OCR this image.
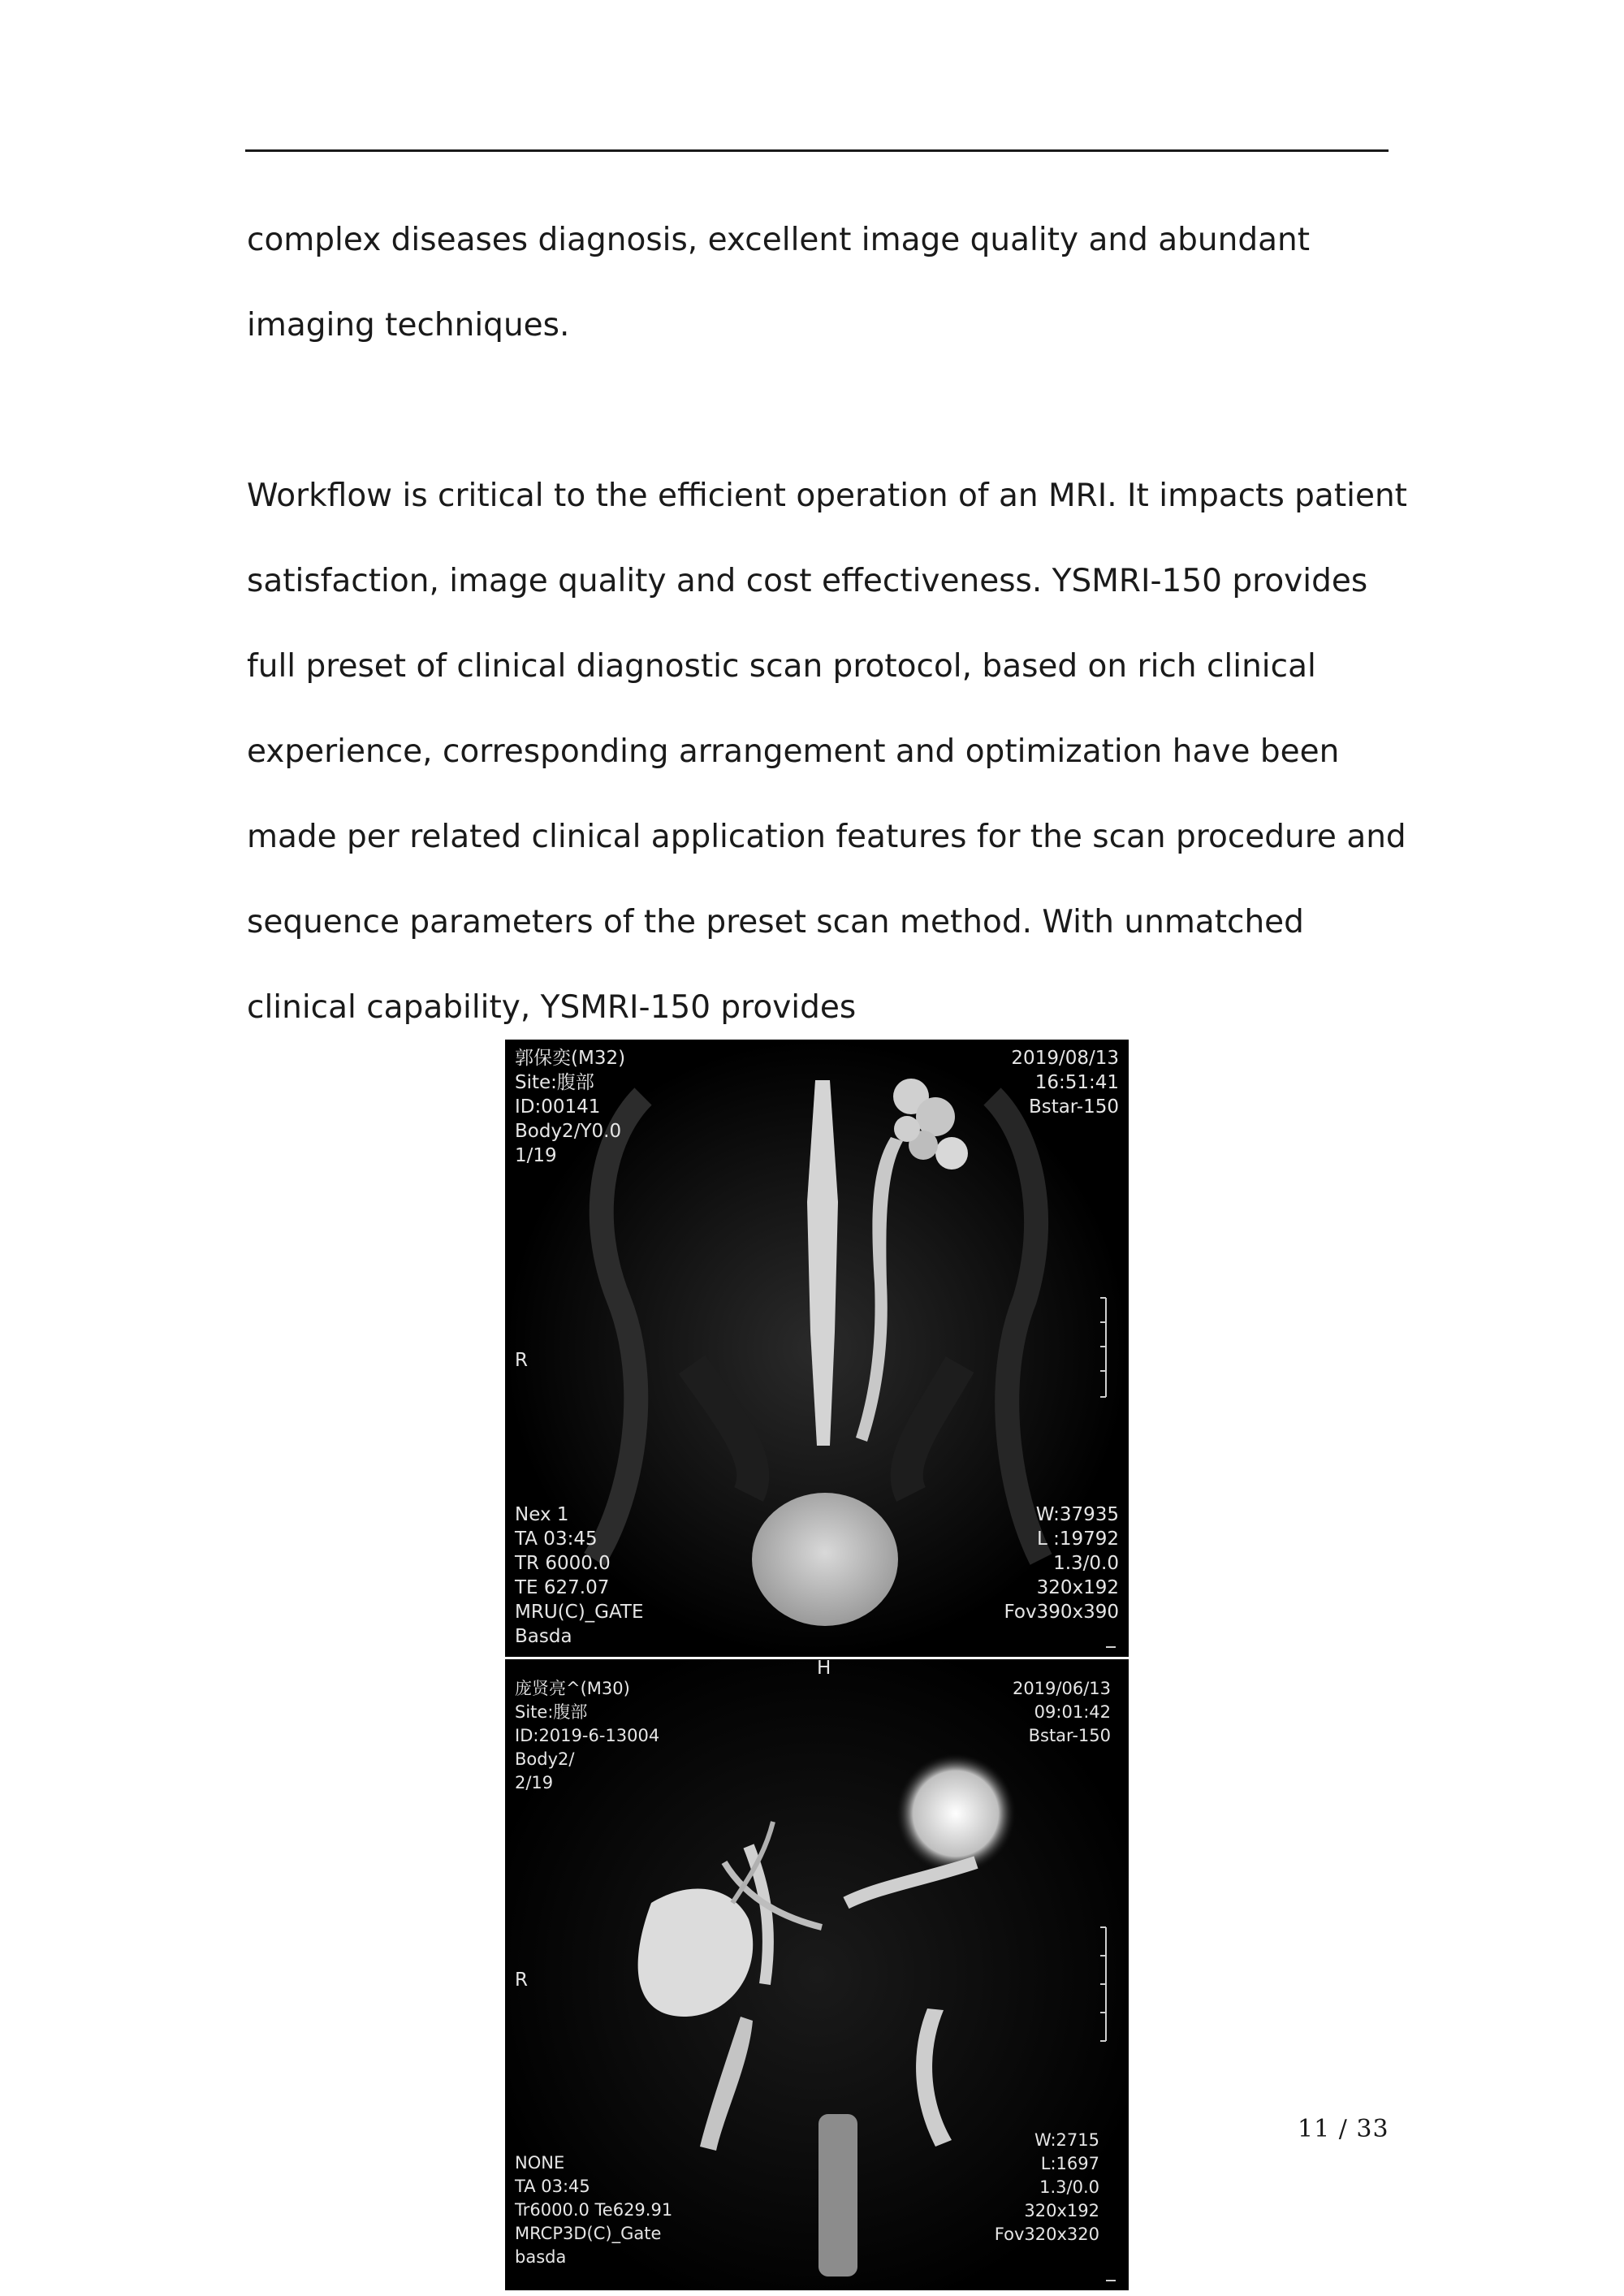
complex diseases diagnosis, excellent image quality and abundant imaging techniques.

Workflow is critical to the efficient operation of an MRI. It impacts patient satisfaction, image quality and cost effectiveness. YSMRI-150 provides full preset of clinical diagnostic scan protocol, based on rich clinical experience, corresponding arrangement and optimization have been made per related clinical application features for the scan procedure and sequence parameters of the preset scan method. With unmatched clinical capability, YSMRI-150 provides

郭保奕(M32)
Site:腹部
ID:00141
Body2/Y0.0
1/19
2019/08/13
16:51:41
Bstar-150
R
Nex 1
TA 03:45
TR 6000.0
TE 627.07
MRU(C)_GATE
Basda
W:37935
L :19792
1.3/0.0
320x192
Fov390x390
H
庞贤亮^(M30)
Site:腹部
ID:2019-6-13004
Body2/
2/19
2019/06/13
09:01:42
Bstar-150
R
NONE
TA 03:45
Tr6000.0 Te629.91
MRCP3D(C)_Gate
basda
W:2715
L:1697
1.3/0.0
320x192
Fov320x320
11 / 33
